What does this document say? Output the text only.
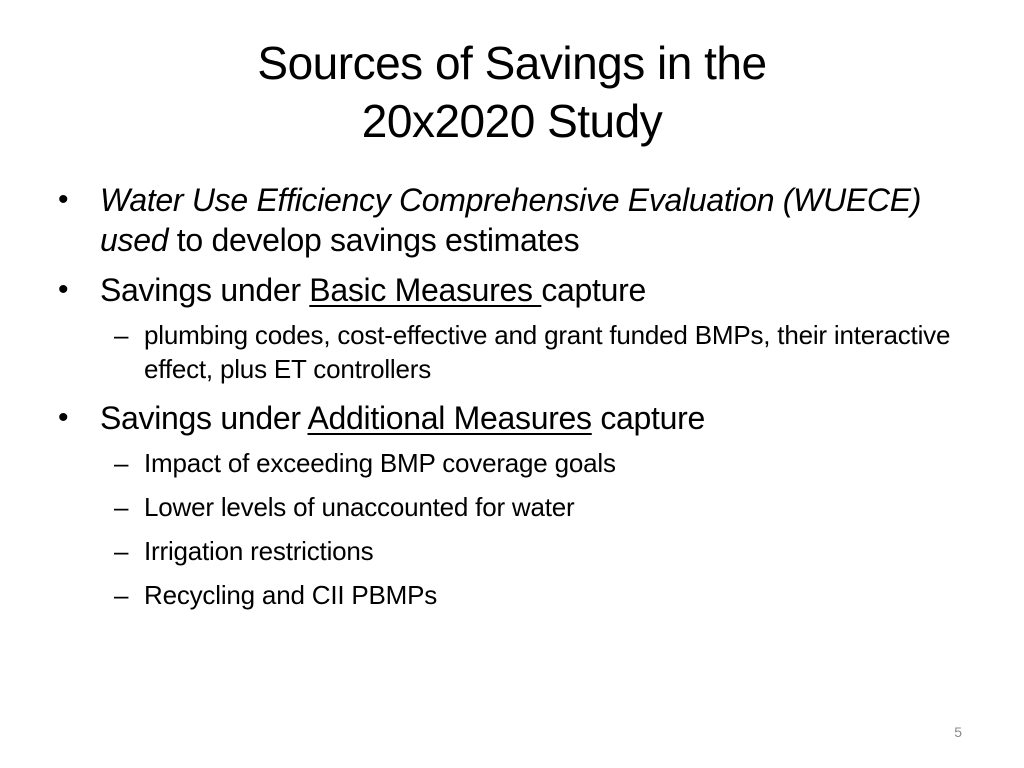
Sources of Savings in the
20x2020 Study
• Water Use Efficiency Comprehensive Evaluation (WUECE) used to develop savings estimates
• Savings under Basic Measures capture
– plumbing codes, cost-effective and grant funded BMPs, their interactive effect, plus ET controllers
• Savings under Additional Measures capture
– Impact of exceeding BMP coverage goals
– Lower levels of unaccounted for water
– Irrigation restrictions
– Recycling and CII PBMPs
5
